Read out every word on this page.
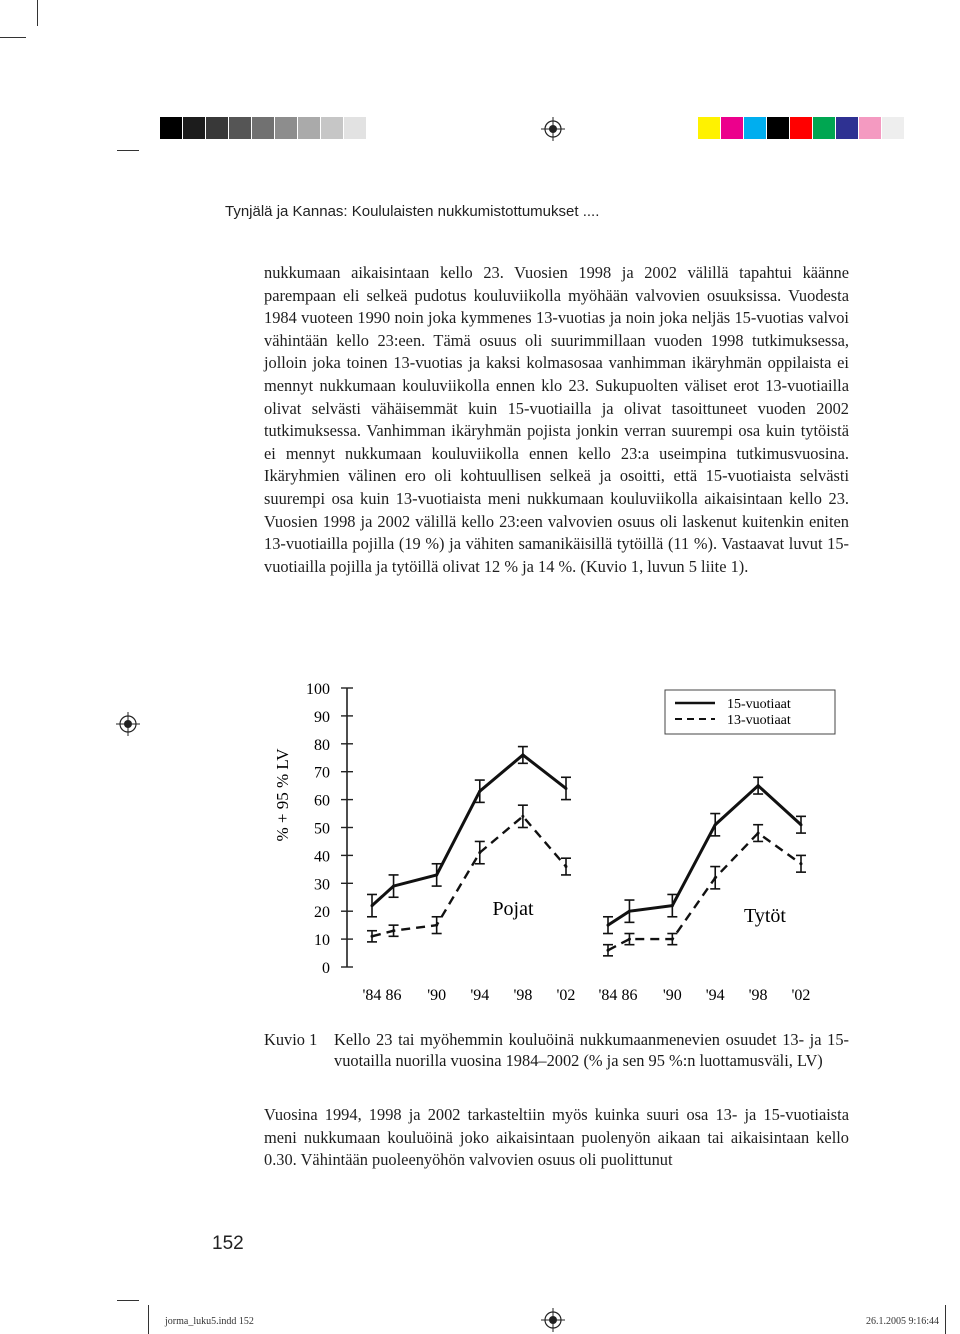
Tynjälä ja Kannas: Koululaisten nukkumistottumukset ....

nukkumaan aikaisintaan kello 23. Vuosien 1998 ja 2002 välillä tapahtui käänne parempaan eli selkeä pudotus kouluviikolla myöhään valvovien osuuksissa. Vuodesta 1984 vuoteen 1990 noin joka kymmenes 13-vuotias ja noin joka neljäs 15-vuotias valvoi vähintään kello 23:een. Tämä osuus oli suurimmillaan vuoden 1998 tutkimuksessa, jolloin joka toinen 13-vuotias ja kaksi kolmasosaa vanhimman ikäryhmän oppilaista ei mennyt nukkumaan kouluviikolla ennen klo 23. Sukupuolten väliset erot 13-vuotiailla olivat selvästi vähäisemmät kuin 15-vuotiailla ja olivat tasoittuneet vuoden 2002 tutkimuksessa. Vanhimman ikäryhmän pojista jonkin verran suurempi osa kuin tytöistä ei mennyt nukkumaan kouluviikolla ennen kello 23:a useimpina tutkimusvuosina. Ikäryhmien välinen ero oli kohtuullisen selkeä ja osoitti, että 15-vuotiaista selvästi suurempi osa kuin 13-vuotiaista meni nukkumaan kouluviikolla aikaisintaan kello 23. Vuosien 1998 ja 2002 välillä kello 23:een valvovien osuus oli laskenut kuitenkin eniten 13-vuotiailla pojilla (19 %) ja vähiten samanikäisillä tytöillä (11 %). Vastaavat luvut 15-vuotiailla pojilla ja tytöillä olivat 12 % ja 14 %. (Kuvio 1, luvun 5 liite 1).

% + 95 % LV
15-vuotiaat
13-vuotiaat
Pojat	Tytöt
0
10
20
30
40
50
60
70
80
90
100
'84 86 '90 '94 '98 '02 '84 86 '90 '94 '98 '02
Kuvio 1 Kello 23 tai myöhemmin kouluöinä nukkumaanmenevien osuudet 13- ja 15-vuotailla nuorilla vuosina 1984–2002 (% ja sen 95 %:n luottamusväli, LV)

Vuosina 1994, 1998 ja 2002 tarkasteltiin myös kuinka suuri osa 13- ja 15-vuotiaista meni nukkumaan kouluöinä joko aikaisintaan puolenyön aikaan tai aikaisintaan kello 0.30. Vähintään puoleenyöhön valvovien osuus oli puolittunut

152
jorma_luku5.indd 152	26.1.2005 9:16:44
